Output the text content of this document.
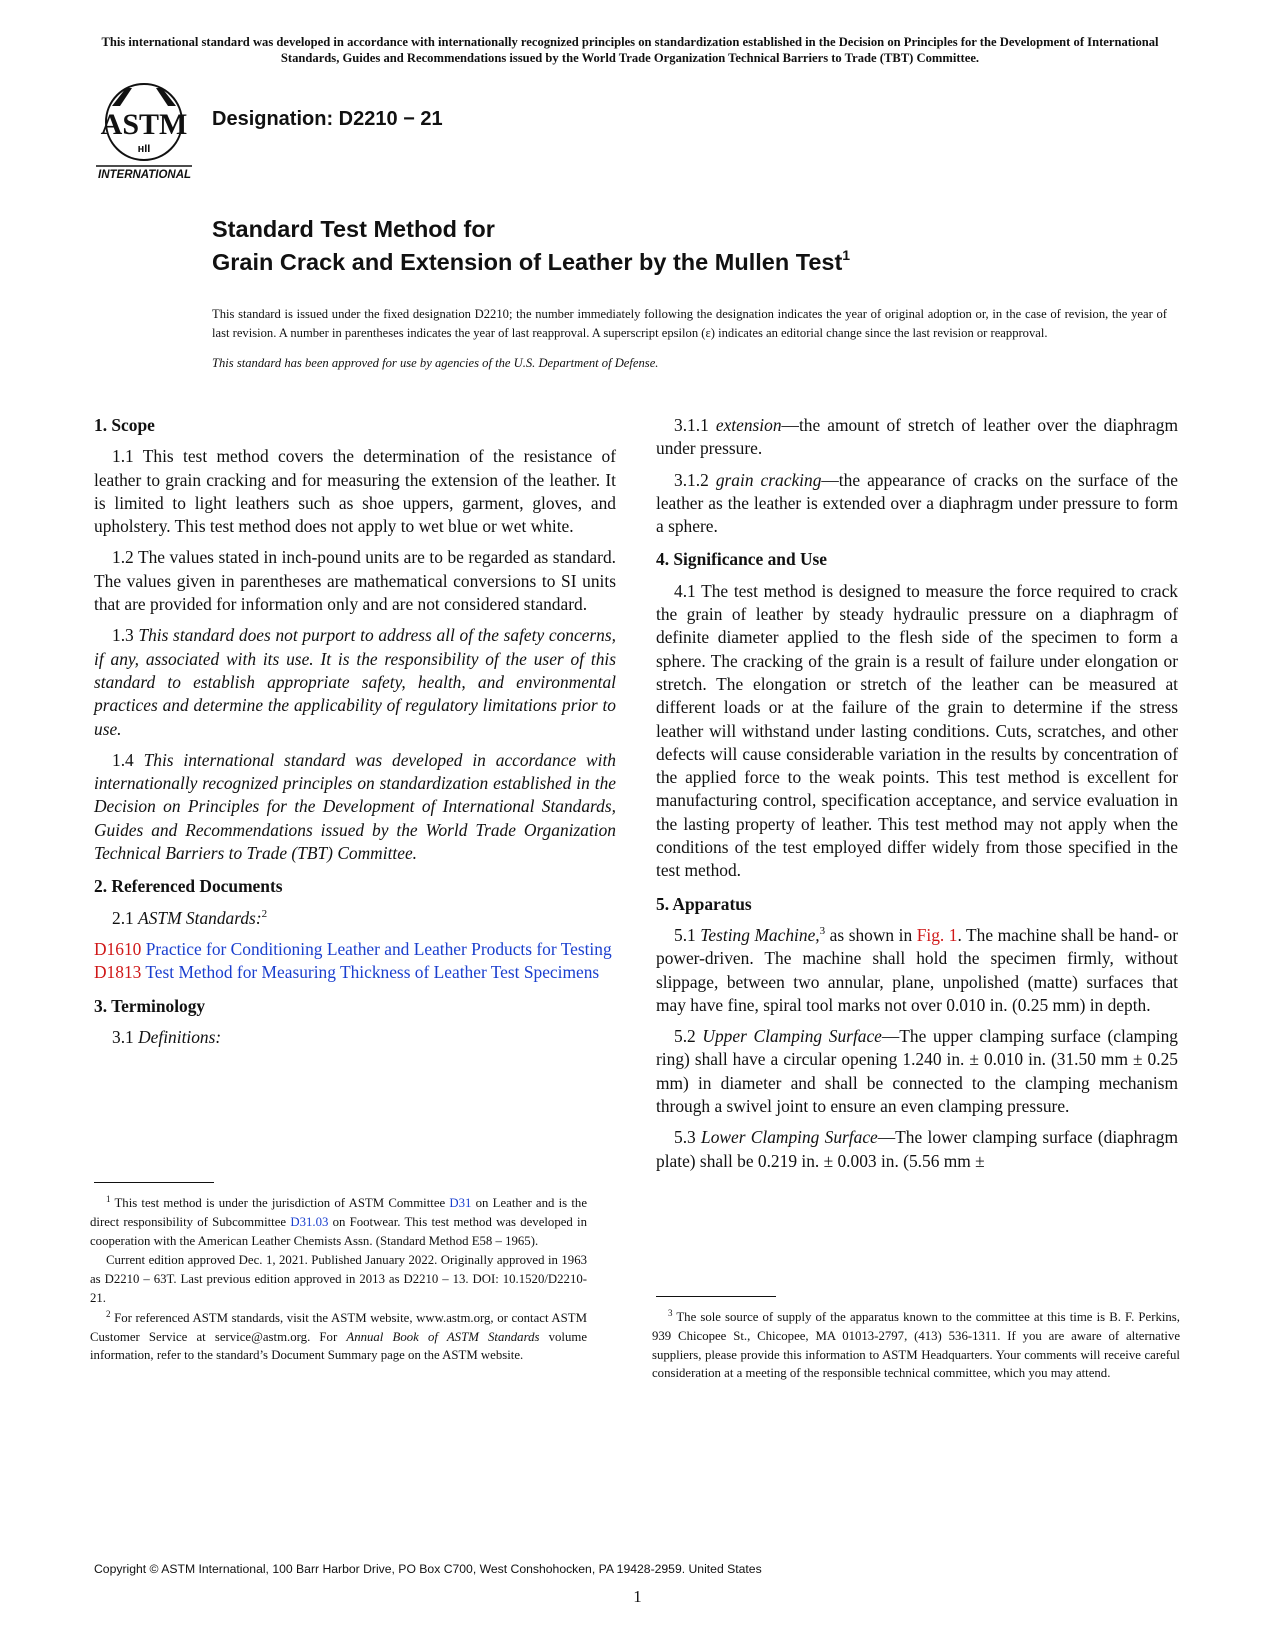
This international standard was developed in accordance with internationally recognized principles on standardization established in the Decision on Principles for the Development of International Standards, Guides and Recommendations issued by the World Trade Organization Technical Barriers to Trade (TBT) Committee.
ASTM
ʜII
INTERNATIONAL
Designation: D2210 − 21
Standard Test Method for
Grain Crack and Extension of Leather by the Mullen Test$^1$

This standard is issued under the fixed designation D2210; the number immediately following the designation indicates the year of original adoption or, in the case of revision, the year of last revision. A number in parentheses indicates the year of last reapproval. A superscript epsilon (ε) indicates an editorial change since the last revision or reapproval.

This standard has been approved for use by agencies of the U.S. Department of Defense.

1. Scope

1.1 This test method covers the determination of the resistance of leather to grain cracking and for measuring the extension of the leather. It is limited to light leathers such as shoe uppers, garment, gloves, and upholstery. This test method does not apply to wet blue or wet white.

1.2 The values stated in inch-pound units are to be regarded as standard. The values given in parentheses are mathematical conversions to SI units that are provided for information only and are not considered standard.

1.3 This standard does not purport to address all of the safety concerns, if any, associated with its use. It is the responsibility of the user of this standard to establish appropriate safety, health, and environmental practices and determine the applicability of regulatory limitations prior to use.

1.4 This international standard was developed in accordance with internationally recognized principles on standardization established in the Decision on Principles for the Development of International Standards, Guides and Recommendations issued by the World Trade Organization Technical Barriers to Trade (TBT) Committee.

2. Referenced Documents

2.1 ASTM Standards:$^2$

D1610 Practice for Conditioning Leather and Leather Products for Testing
D1813 Test Method for Measuring Thickness of Leather Test Specimens
3. Terminology

3.1 Definitions:

$^1$ This test method is under the jurisdiction of ASTM Committee D31 on Leather and is the direct responsibility of Subcommittee D31.03 on Footwear. This test method was developed in cooperation with the American Leather Chemists Assn. (Standard Method E58 – 1965).

Current edition approved Dec. 1, 2021. Published January 2022. Originally approved in 1963 as D2210 – 63T. Last previous edition approved in 2013 as D2210 – 13. DOI: 10.1520/D2210-21.

$^2$ For referenced ASTM standards, visit the ASTM website, www.astm.org, or contact ASTM Customer Service at service@astm.org. For Annual Book of ASTM Standards volume information, refer to the standard’s Document Summary page on the ASTM website.

3.1.1 extension—the amount of stretch of leather over the diaphragm under pressure.

3.1.2 grain cracking—the appearance of cracks on the surface of the leather as the leather is extended over a diaphragm under pressure to form a sphere.

4. Significance and Use

4.1 The test method is designed to measure the force required to crack the grain of leather by steady hydraulic pressure on a diaphragm of definite diameter applied to the flesh side of the specimen to form a sphere. The cracking of the grain is a result of failure under elongation or stretch. The elongation or stretch of the leather can be measured at different loads or at the failure of the grain to determine if the stress leather will withstand under lasting conditions. Cuts, scratches, and other defects will cause considerable variation in the results by concentration of the applied force to the weak points. This test method is excellent for manufacturing control, specification acceptance, and service evaluation in the lasting property of leather. This test method may not apply when the conditions of the test employed differ widely from those specified in the test method.

5. Apparatus

5.1 Testing Machine,$^3$ as shown in Fig. 1. The machine shall be hand- or power-driven. The machine shall hold the specimen firmly, without slippage, between two annular, plane, unpolished (matte) surfaces that may have fine, spiral tool marks not over 0.010 in. (0.25 mm) in depth.

5.2 Upper Clamping Surface—The upper clamping surface (clamping ring) shall have a circular opening 1.240 in. ± 0.010 in. (31.50 mm ± 0.25 mm) in diameter and shall be connected to the clamping mechanism through a swivel joint to ensure an even clamping pressure.

5.3 Lower Clamping Surface—The lower clamping surface (diaphragm plate) shall be 0.219 in. ± 0.003 in. (5.56 mm ±

$^3$ The sole source of supply of the apparatus known to the committee at this time is B. F. Perkins, 939 Chicopee St., Chicopee, MA 01013-2797, (413) 536-1311. If you are aware of alternative suppliers, please provide this information to ASTM Headquarters. Your comments will receive careful consideration at a meeting of the responsible technical committee, which you may attend.

Copyright © ASTM International, 100 Barr Harbor Drive, PO Box C700, West Conshohocken, PA 19428-2959. United States
1
